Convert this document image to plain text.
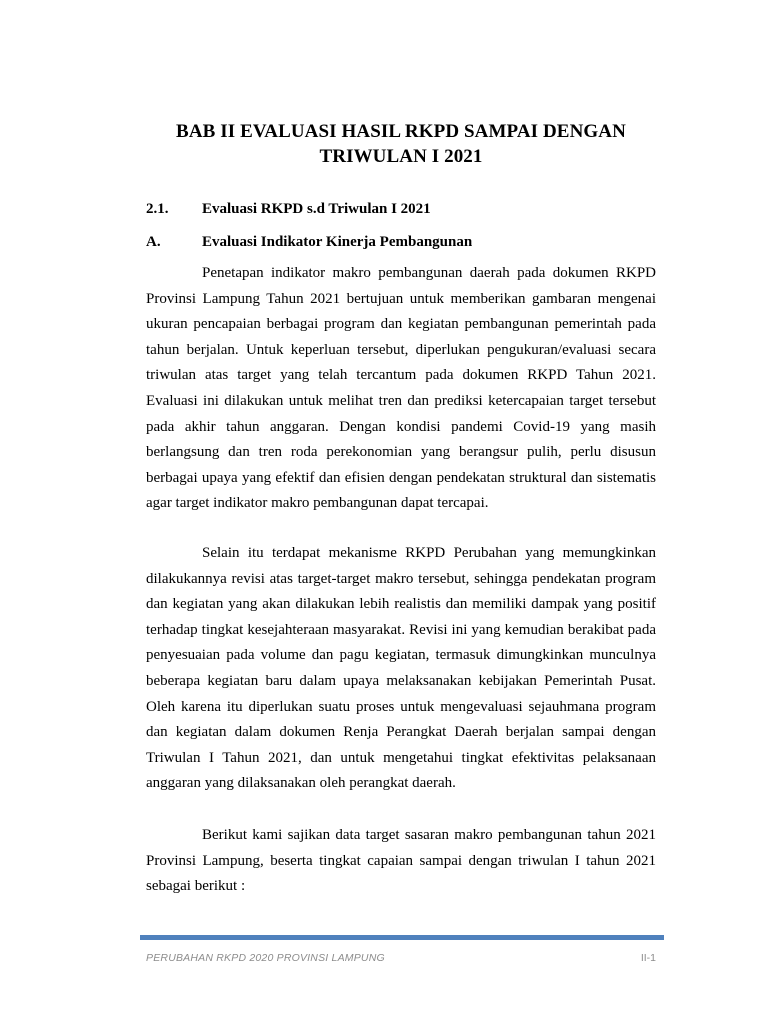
BAB II EVALUASI HASIL RKPD SAMPAI DENGAN
TRIWULAN I 2021
2.1. Evaluasi RKPD s.d Triwulan I 2021
A.	Evaluasi Indikator Kinerja Pembangunan

Penetapan indikator makro pembangunan daerah pada dokumen RKPD Provinsi Lampung Tahun 2021 bertujuan untuk memberikan gambaran mengenai ukuran pencapaian berbagai program dan kegiatan pembangunan pemerintah pada tahun berjalan. Untuk keperluan tersebut, diperlukan pengukuran/evaluasi secara triwulan atas target yang telah tercantum pada dokumen RKPD Tahun 2021. Evaluasi ini dilakukan untuk melihat tren dan prediksi ketercapaian target tersebut pada akhir tahun anggaran. Dengan kondisi pandemi Covid-19 yang masih berlangsung dan tren roda perekonomian yang berangsur pulih, perlu disusun berbagai upaya yang efektif dan efisien dengan pendekatan struktural dan sistematis agar target indikator makro pembangunan dapat tercapai.

Selain itu terdapat mekanisme RKPD Perubahan yang memungkinkan dilakukannya revisi atas target-target makro tersebut, sehingga pendekatan program dan kegiatan yang akan dilakukan lebih realistis dan memiliki dampak yang positif terhadap tingkat kesejahteraan masyarakat. Revisi ini yang kemudian berakibat pada penyesuaian pada volume dan pagu kegiatan, termasuk dimungkinkan munculnya beberapa kegiatan baru dalam upaya melaksanakan kebijakan Pemerintah Pusat. Oleh karena itu diperlukan suatu proses untuk mengevaluasi sejauhmana program dan kegiatan dalam dokumen Renja Perangkat Daerah berjalan sampai dengan Triwulan I Tahun 2021, dan untuk mengetahui tingkat efektivitas pelaksanaan anggaran yang dilaksanakan oleh perangkat daerah.

Berikut kami sajikan data target sasaran makro pembangunan tahun 2021 Provinsi Lampung, beserta tingkat capaian sampai dengan triwulan I tahun 2021 sebagai berikut :

PERUBAHAN RKPD 2020 PROVINSI LAMPUNG	II-1
